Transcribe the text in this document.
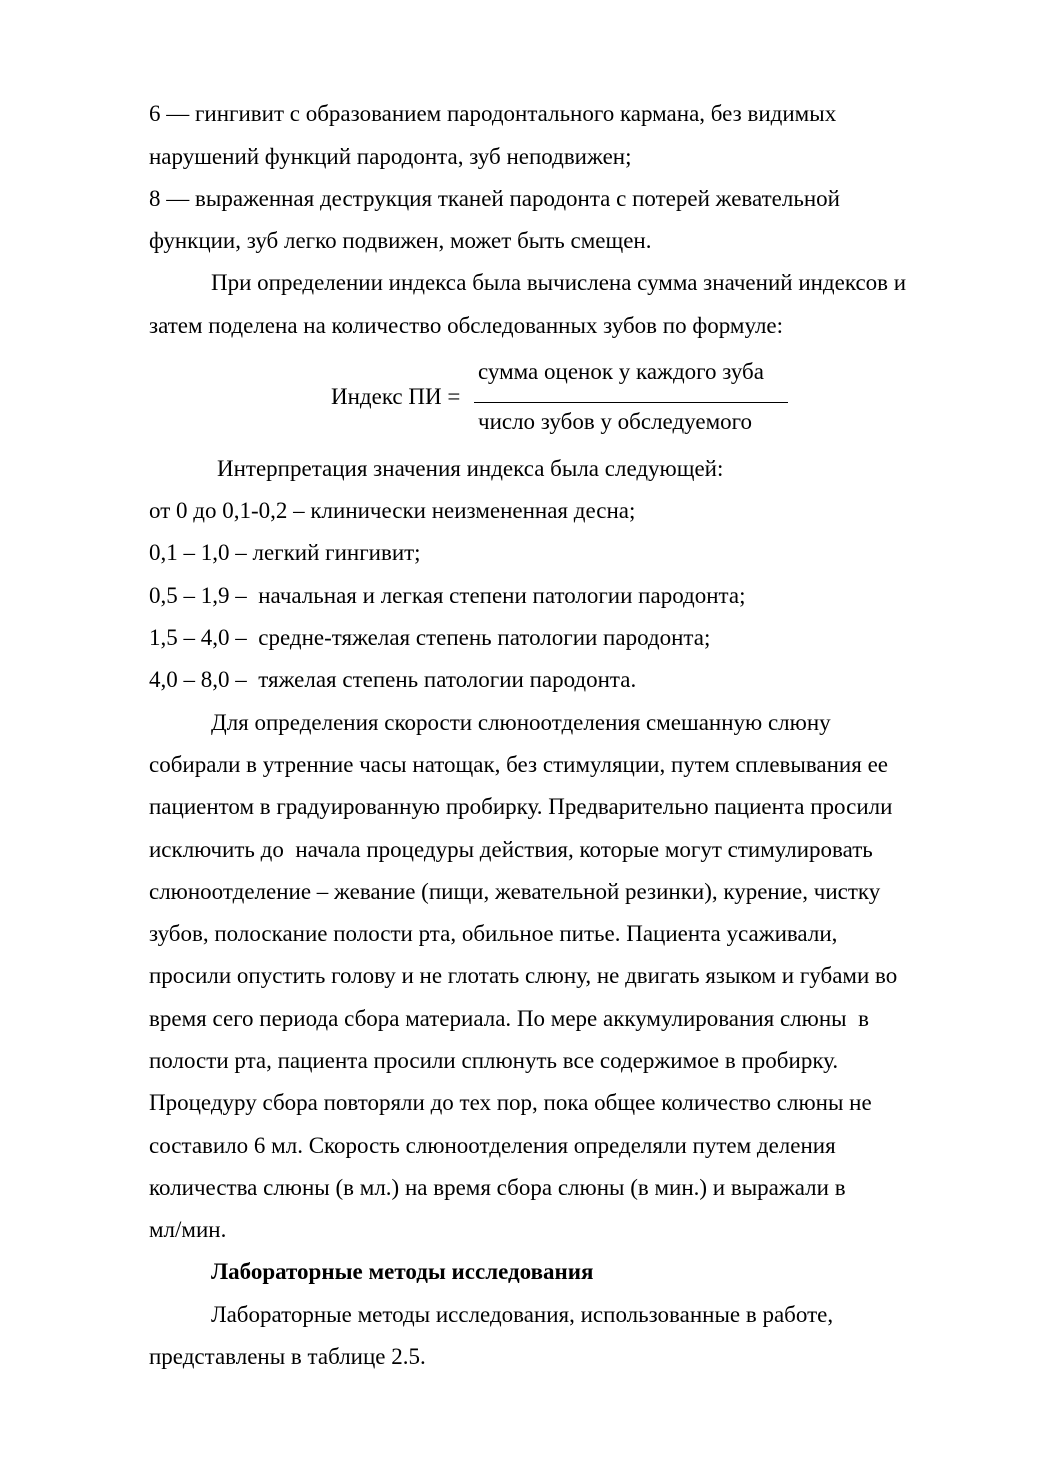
6 — гингивит с образованием пародонтального кармана, без видимых
нарушений функций пародонта, зуб неподвижен;
8 — выраженная деструкция тканей пародонта с потерей жевательной
функции, зуб легко подвижен, может быть смещен.
При определении индекса была вычислена сумма значений индексов и
затем поделена на количество обследованных зубов по формуле:
сумма оценок у каждого зуба
Индекс ПИ =
число зубов у обследуемого
Интерпретация значения индекса была следующей:
от 0 до 0,1-0,2 – клинически неизмененная десна;
0,1 – 1,0 – легкий гингивит;
0,5 – 1,9 –  начальная и легкая степени патологии пародонта;
1,5 – 4,0 –  средне-тяжелая степень патологии пародонта;
4,0 – 8,0 –  тяжелая степень патологии пародонта.
Для определения скорости слюноотделения смешанную слюну
собирали в утренние часы натощак, без стимуляции, путем сплевывания ее
пациентом в градуированную пробирку. Предварительно пациента просили
исключить до  начала процедуры действия, которые могут стимулировать
слюноотделение – жевание (пищи, жевательной резинки), курение, чистку
зубов, полоскание полости рта, обильное питье. Пациента усаживали,
просили опустить голову и не глотать слюну, не двигать языком и губами во
время сего периода сбора материала. По мере аккумулирования слюны  в
полости рта, пациента просили сплюнуть все содержимое в пробирку.
Процедуру сбора повторяли до тех пор, пока общее количество слюны не
составило 6 мл. Скорость слюноотделения определяли путем деления
количества слюны (в мл.) на время сбора слюны (в мин.) и выражали в
мл/мин.
Лабораторные методы исследования
Лабораторные методы исследования, использованные в работе,
представлены в таблице 2.5.
